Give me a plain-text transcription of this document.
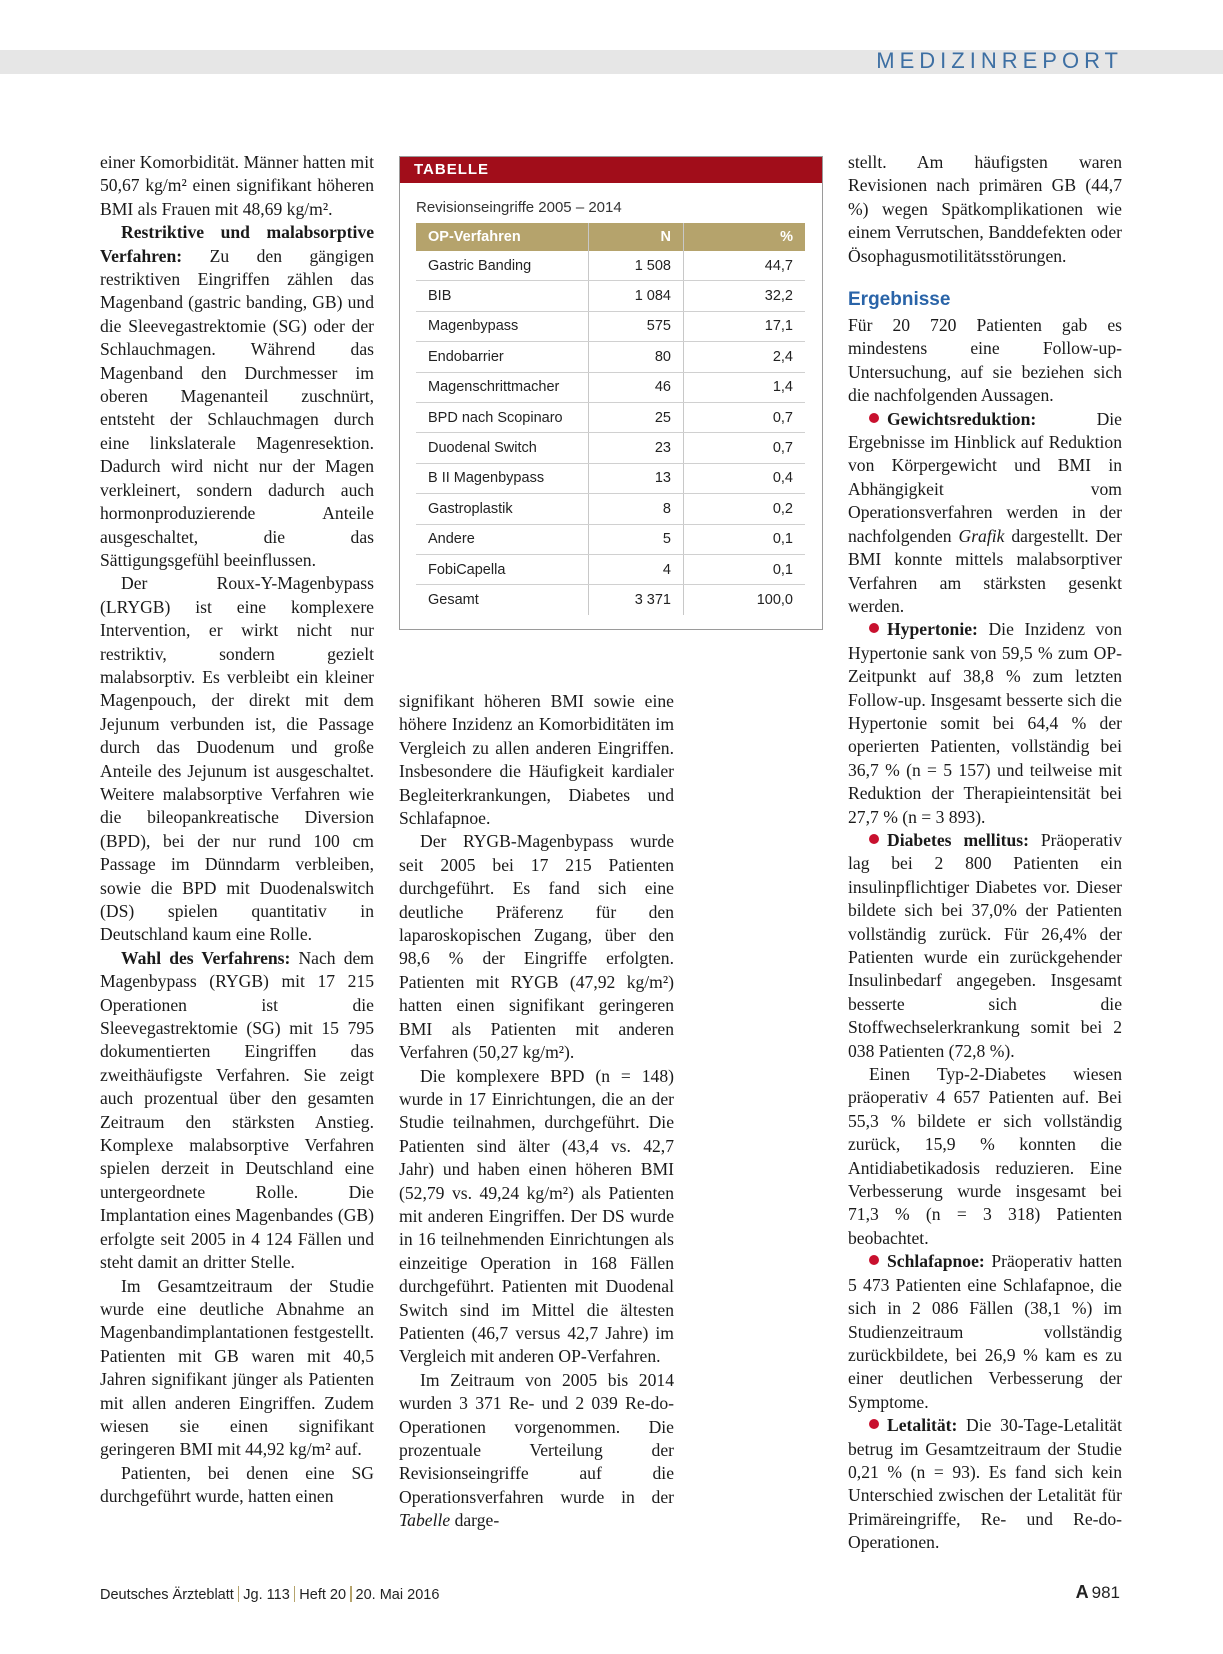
MEDIZINREPORT

einer Komorbidität. Männer hatten mit 50,67 kg/m² einen signifikant höheren BMI als Frauen mit 48,69 kg/m².

Restriktive und malabsorptive Verfahren: Zu den gängigen restriktiven Eingriffen zählen das Magenband (gastric banding, GB) und die Sleevegastrektomie (SG) oder der Schlauchmagen. Während das Magenband den Durchmesser im oberen Magenanteil zuschnürt, entsteht der Schlauchmagen durch eine linkslaterale Magenresektion. Dadurch wird nicht nur der Magen verkleinert, sondern dadurch auch hormonproduzierende Anteile ausgeschaltet, die das Sättigungsgefühl beeinflussen.

Der Roux-Y-Magenbypass (LRYGB) ist eine komplexere Intervention, er wirkt nicht nur restriktiv, sondern gezielt malabsorptiv. Es verbleibt ein kleiner Magenpouch, der direkt mit dem Jejunum verbunden ist, die Passage durch das Duodenum und große Anteile des Jejunum ist ausgeschaltet. Weitere malabsorptive Verfahren wie die bileopankreatische Diversion (BPD), bei der nur rund 100 cm Passage im Dünndarm verbleiben, sowie die BPD mit Duodenalswitch (DS) spielen quantitativ in Deutschland kaum eine Rolle.

Wahl des Verfahrens: Nach dem Magenbypass (RYGB) mit 17 215 Operationen ist die Sleevegastrektomie (SG) mit 15 795 dokumentierten Eingriffen das zweithäufigste Verfahren. Sie zeigt auch prozentual über den gesamten Zeitraum den stärksten Anstieg. Komplexe malabsorptive Verfahren spielen derzeit in Deutschland eine untergeordnete Rolle. Die Implantation eines Magenbandes (GB) erfolgte seit 2005 in 4 124 Fällen und steht damit an dritter Stelle.

Im Gesamtzeitraum der Studie wurde eine deutliche Abnahme an Magenbandimplantationen festgestellt. Patienten mit GB waren mit 40,5 Jahren signifikant jünger als Patienten mit allen anderen Eingriffen. Zudem wiesen sie einen signifikant geringeren BMI mit 44,92 kg/m² auf.

Patienten, bei denen eine SG durchgeführt wurde, hatten einen

TABELLE
Revisionseingriffe 2005 – 2014
OP-Verfahren	N	%
Gastric Banding	1 508	44,7
BIB	1 084	32,2
Magenbypass	575	17,1
Endobarrier	80	2,4
Magenschrittmacher	46	1,4
BPD nach Scopinaro	25	0,7
Duodenal Switch	23	0,7
B II Magenbypass	13	0,4
Gastroplastik	8	0,2
Andere	5	0,1
FobiCapella	4	0,1
Gesamt	3 371	100,0

signifikant höheren BMI sowie eine höhere Inzidenz an Komorbiditäten im Vergleich zu allen anderen Eingriffen. Insbesondere die Häufigkeit kardialer Begleiterkrankungen, Diabetes und Schlafapnoe.

Der RYGB-Magenbypass wurde seit 2005 bei 17 215 Patienten durchgeführt. Es fand sich eine deutliche Präferenz für den laparoskopischen Zugang, über den 98,6 % der Eingriffe erfolgten. Patienten mit RYGB (47,92 kg/m²) hatten einen signifikant geringeren BMI als Patienten mit anderen Verfahren (50,27 kg/m²).

Die komplexere BPD (n = 148) wurde in 17 Einrichtungen, die an der Studie teilnahmen, durchgeführt. Die Patienten sind älter (43,4 vs. 42,7 Jahr) und haben einen höheren BMI (52,79 vs. 49,24 kg/m²) als Patienten mit anderen Eingriffen. Der DS wurde in 16 teilnehmenden Einrichtungen als einzeitige Operation in 168 Fällen durchgeführt. Patienten mit Duodenal Switch sind im Mittel die ältesten Patienten (46,7 versus 42,7 Jahre) im Vergleich mit anderen OP-Verfahren.

Im Zeitraum von 2005 bis 2014 wurden 3 371 Re- und 2 039 Re-do-Operationen vorgenommen. Die prozentuale Verteilung der Revisionseingriffe auf die Operationsverfahren wurde in der Tabelle darge-

stellt. Am häufigsten waren Revisionen nach primären GB (44,7 %) wegen Spätkomplikationen wie einem Verrutschen, Banddefekten oder Ösophagusmotilitätsstörungen.

Ergebnisse

Für 20 720 Patienten gab es mindestens eine Follow-up-Untersuchung, auf sie beziehen sich die nachfolgenden Aussagen.

Gewichtsreduktion: Die Ergebnisse im Hinblick auf Reduktion von Körpergewicht und BMI in Abhängigkeit vom Operationsverfahren werden in der nachfolgenden Grafik dargestellt. Der BMI konnte mittels malabsorptiver Verfahren am stärksten gesenkt werden.

Hypertonie: Die Inzidenz von Hypertonie sank von 59,5 % zum OP-Zeitpunkt auf 38,8 % zum letzten Follow-up. Insgesamt besserte sich die Hypertonie somit bei 64,4 % der operierten Patienten, vollständig bei 36,7 % (n = 5 157) und teilweise mit Reduktion der Therapieintensität bei 27,7 % (n = 3 893).

Diabetes mellitus: Präoperativ lag bei 2 800 Patienten ein insulinpflichtiger Diabetes vor. Dieser bildete sich bei 37,0% der Patienten vollständig zurück. Für 26,4% der Patienten wurde ein zurückgehender Insulinbedarf angegeben. Insgesamt besserte sich die Stoffwechselerkrankung somit bei 2 038 Patienten (72,8 %).

Einen Typ-2-Diabetes wiesen präoperativ 4 657 Patienten auf. Bei 55,3 % bildete er sich vollständig zurück, 15,9 % konnten die Antidiabetikadosis reduzieren. Eine Verbesserung wurde insgesamt bei 71,3 % (n = 3 318) Patienten beobachtet.

Schlafapnoe: Präoperativ hatten 5 473 Patienten eine Schlafapnoe, die sich in 2 086 Fällen (38,1 %) im Studienzeitraum vollständig zurückbildete, bei 26,9 % kam es zu einer deutlichen Verbesserung der Symptome.

Letalität: Die 30-Tage-Letalität betrug im Gesamtzeitraum der Studie 0,21 % (n = 93). Es fand sich kein Unterschied zwischen der Letalität für Primäreingriffe, Re- und Re-do-Operationen.

Deutsches Ärzteblatt Jg. 113 Heft 20 20. Mai 2016	A 981
